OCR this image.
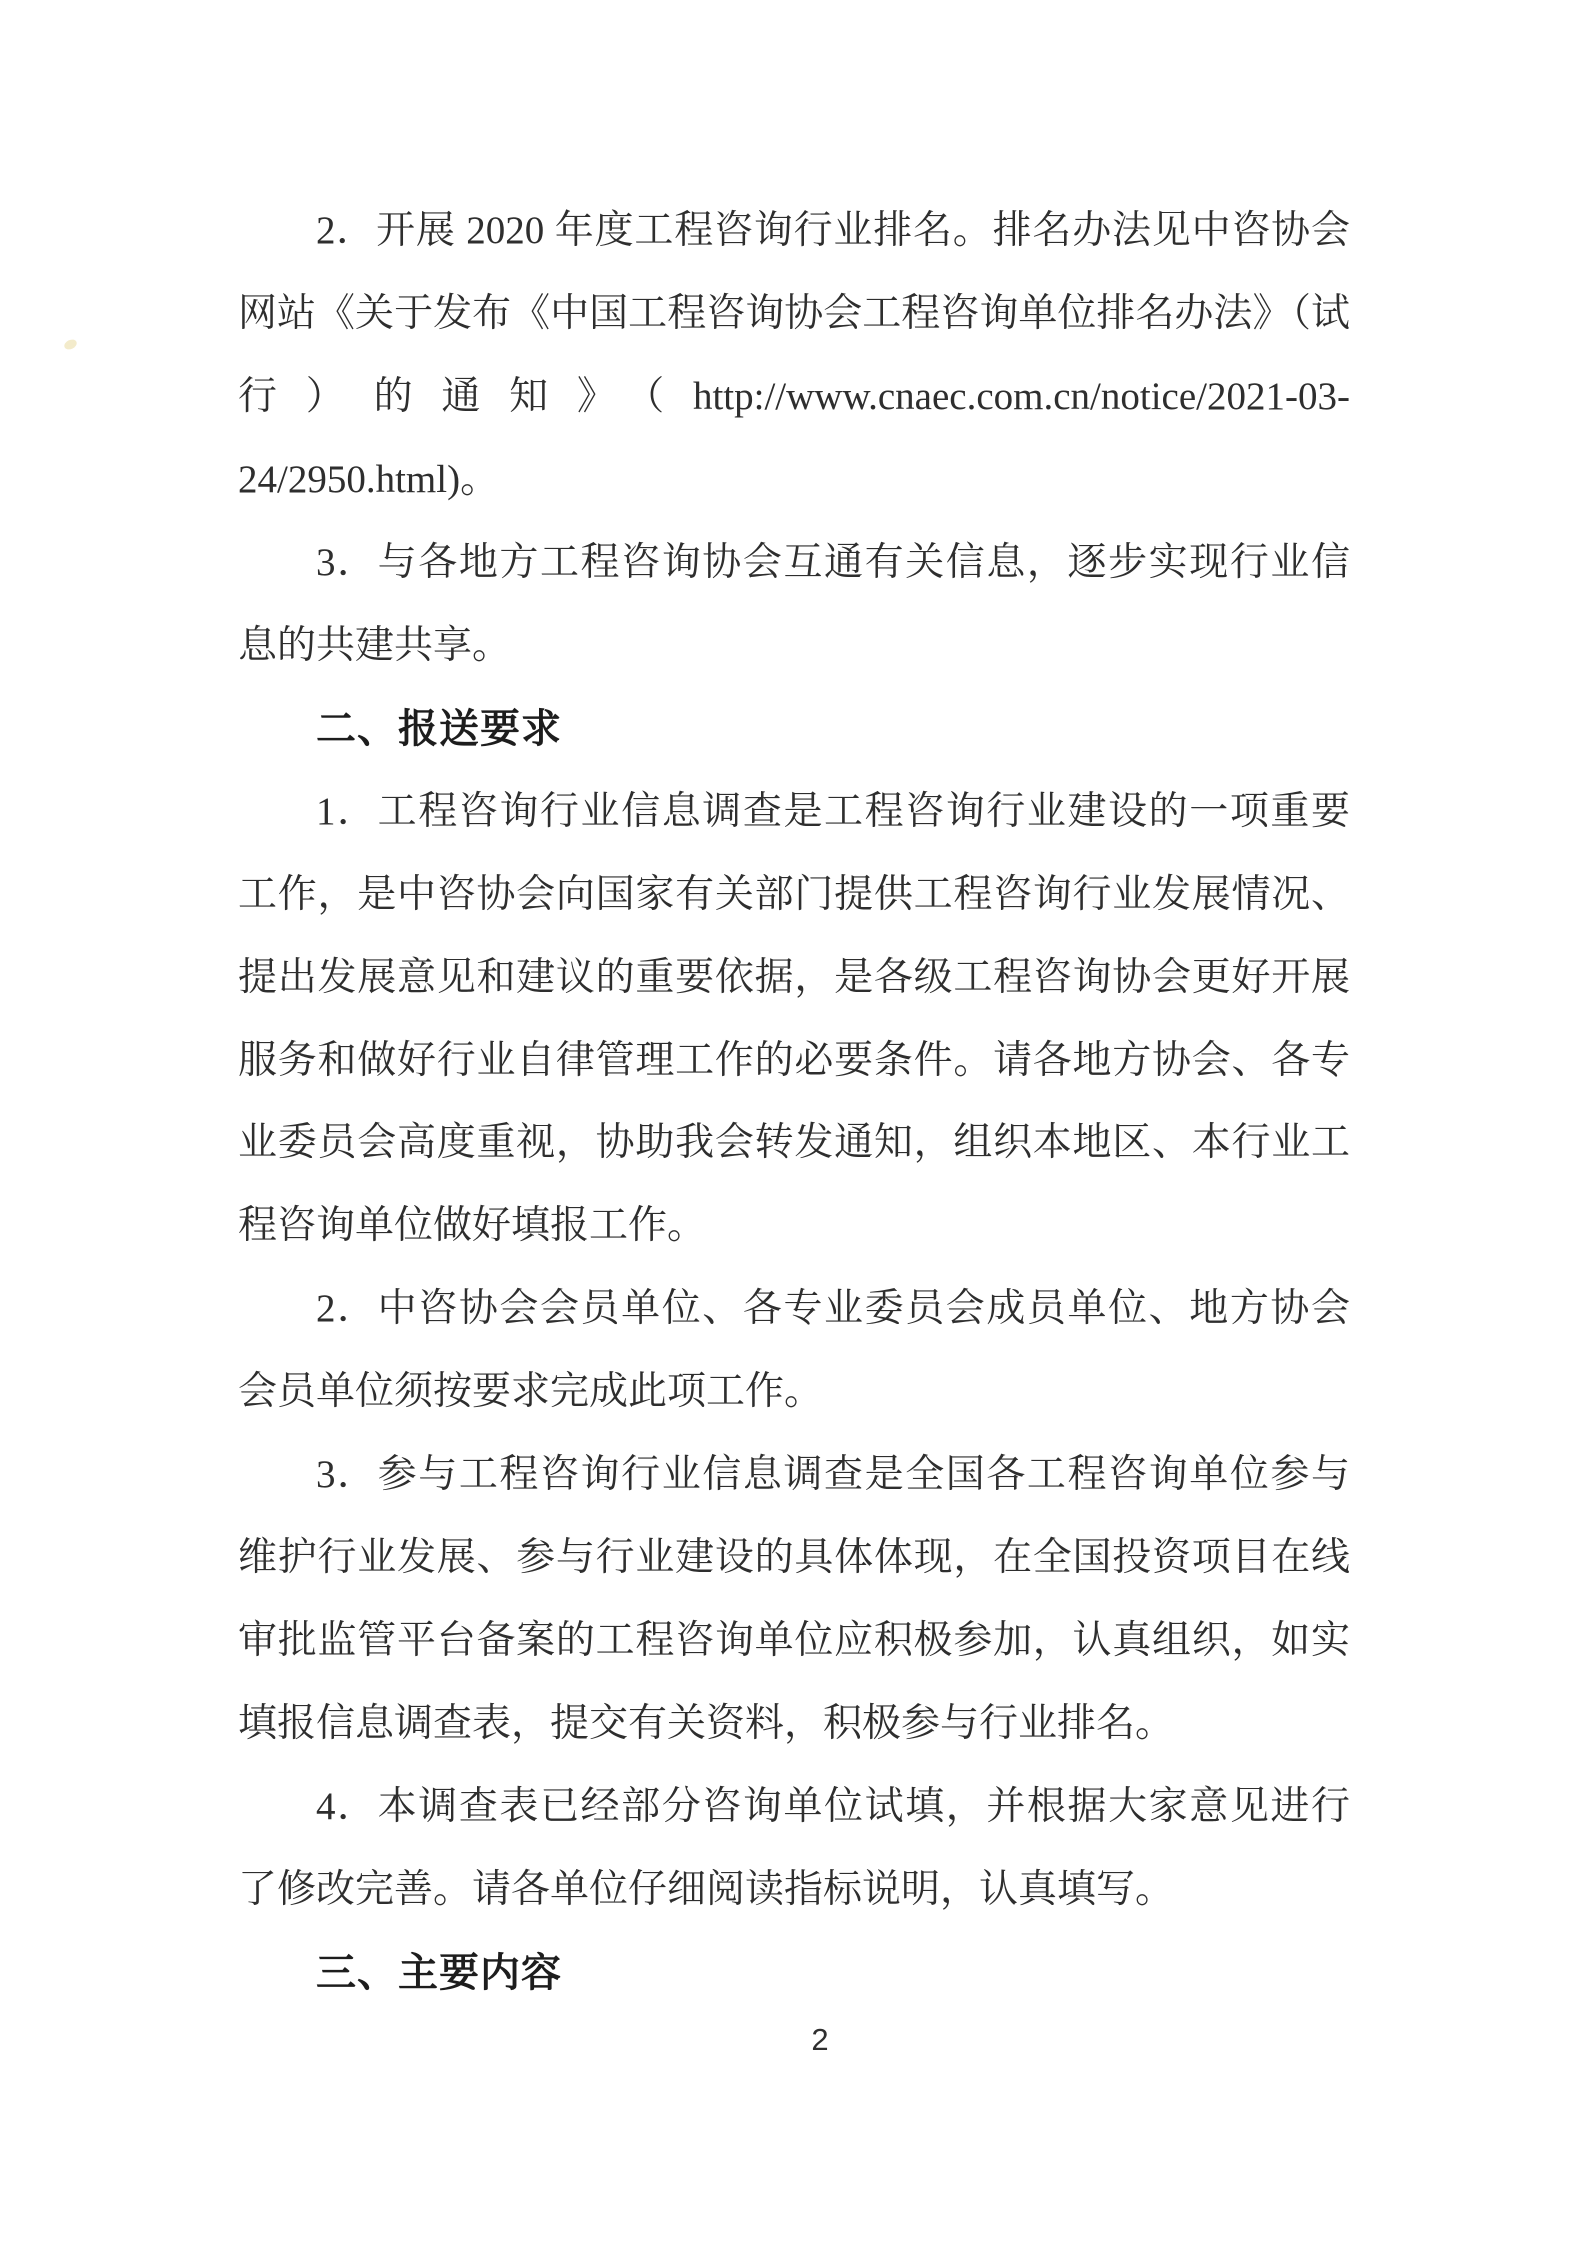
2．开展 2020 年度工程咨询行业排名。排名办法见中咨协会
网站《关于发布《中国工程咨询协会工程咨询单位排名办法》（试
行）的通知》（http://www.cnaec.com.cn/notice/2021-03-
24/2950.html)。
3．与各地方工程咨询协会互通有关信息，逐步实现行业信
息的共建共享。
二、报送要求
1．工程咨询行业信息调查是工程咨询行业建设的一项重要
工作，是中咨协会向国家有关部门提供工程咨询行业发展情况、
提出发展意见和建议的重要依据，是各级工程咨询协会更好开展
服务和做好行业自律管理工作的必要条件。请各地方协会、各专
业委员会高度重视，协助我会转发通知，组织本地区、本行业工
程咨询单位做好填报工作。
2．中咨协会会员单位、各专业委员会成员单位、地方协会
会员单位须按要求完成此项工作。
3．参与工程咨询行业信息调查是全国各工程咨询单位参与
维护行业发展、参与行业建设的具体体现，在全国投资项目在线
审批监管平台备案的工程咨询单位应积极参加，认真组织，如实
填报信息调查表，提交有关资料，积极参与行业排名。
4．本调查表已经部分咨询单位试填，并根据大家意见进行
了修改完善。请各单位仔细阅读指标说明，认真填写。
三、主要内容
2
